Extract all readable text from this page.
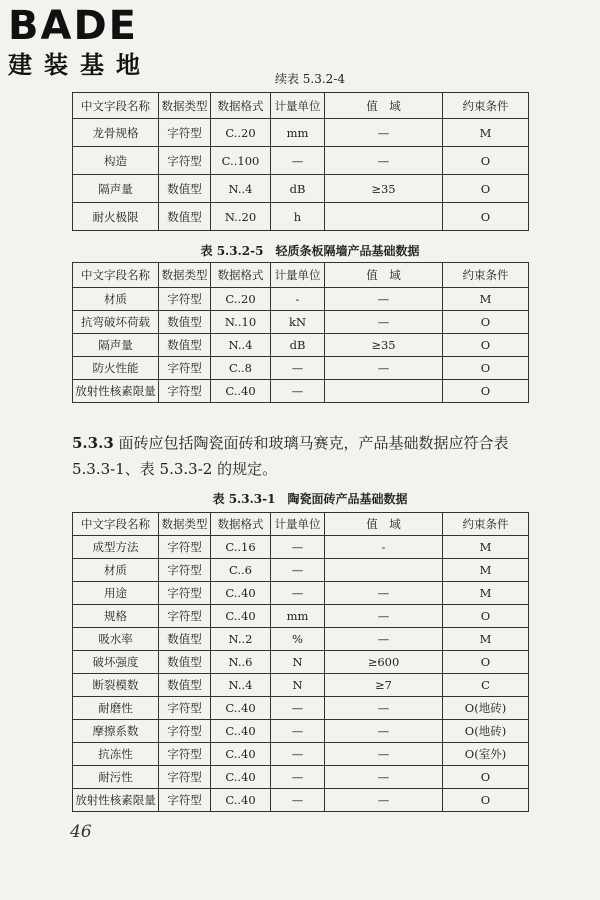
BADE
建装基地	续表 5.3.2-4
中文字段名称	数据类型	数据格式	计量单位	值　域	约束条件
龙骨规格	字符型	C..20	mm	—	M
构造	字符型	C..100	—	—	O
隔声量	数值型	N..4	dB	≥35	O
耐火极限	数值型	N..20	h		O
表 5.3.2-5　轻质条板隔墙产品基础数据
中文字段名称	数据类型	数据格式	计量单位	值　域	约束条件
材质	字符型	C..20	-	—	M
抗弯破坏荷载	数值型	N..10	kN	—	O
隔声量	数值型	N..4	dB	≥35	O
防火性能	字符型	C..8	—	—	O
放射性核素限量	字符型	C..40	—		O
5.3.3 面砖应包括陶瓷面砖和玻璃马赛克，产品基础数据应符合表 5.3.3-1、表 5.3.3-2 的规定。
表 5.3.3-1　陶瓷面砖产品基础数据
中文字段名称	数据类型	数据格式	计量单位	值　域	约束条件
成型方法	字符型	C..16	—	-	M
材质	字符型	C..6	—		M
用途	字符型	C..40	—	—	M
规格	字符型	C..40	mm	—	O
吸水率	数值型	N..2	%	—	M
破坏强度	数值型	N..6	N	≥600	O
断裂模数	数值型	N..4	N	≥7	C
耐磨性	字符型	C..40	—	—	O(地砖)
摩擦系数	字符型	C..40	—	—	O(地砖)
抗冻性	字符型	C..40	—	—	O(室外)
耐污性	字符型	C..40	—	—	O
放射性核素限量	字符型	C..40	—	—	O
46
